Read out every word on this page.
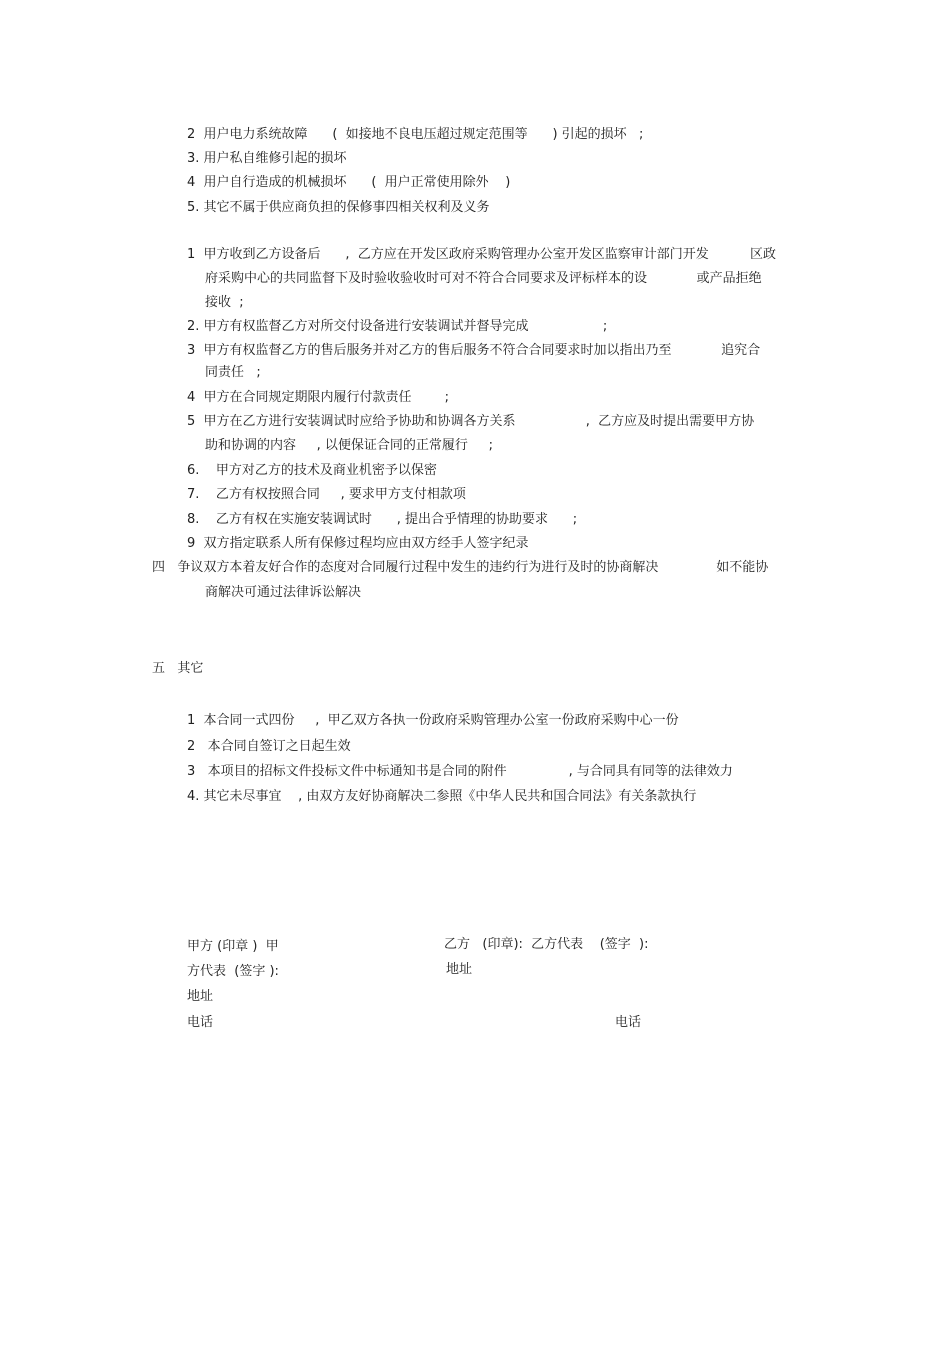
2  用户电力系统故障      (  如接地不良电压超过规定范围等      ) 引起的损坏   ;
3. 用户私自维修引起的损坏
4  用户自行造成的机械损坏      (  用户正常使用除外    )
5. 其它不属于供应商负担的保修事四相关权利及义务
1  甲方收到乙方设备后      ,  乙方应在开发区政府采购管理办公室开发区监察审计部门开发          区政
府采购中心的共同监督下及时验收验收时可对不符合合同要求及评标样本的设            或产品拒绝
接收  ;
2. 甲方有权监督乙方对所交付设备进行安装调试并督导完成                  ;
3  甲方有权监督乙方的售后服务并对乙方的售后服务不符合合同要求时加以指出乃至            追究合
同责任   ;
4  甲方在合同规定期限内履行付款责任        ;
5  甲方在乙方进行安装调试时应给予协助和协调各方关系                 ,  乙方应及时提出需要甲方协
助和协调的内容     , 以便保证合同的正常履行     ;
6.    甲方对乙方的技术及商业机密予以保密
7.    乙方有权按照合同     , 要求甲方支付相款项
8.    乙方有权在实施安装调试时      , 提出合乎情理的协助要求      ;
9  双方指定联系人所有保修过程均应由双方经手人签字纪录
四   争议双方本着友好合作的态度对合同履行过程中发生的违约行为进行及时的协商解决              如不能协
商解决可通过法律诉讼解决
五   其它
1  本合同一式四份     ,  甲乙双方各执一份政府采购管理办公室一份政府采购中心一份
2   本合同自签订之日起生效
3   本项目的招标文件投标文件中标通知书是合同的附件               , 与合同具有同等的法律效力
4. 其它未尽事宜    , 由双方友好协商解决二参照《中华人民共和国合同法》有关条款执行
甲方 (印章 )  甲
方代表  (签字 ):
地址
电话
乙方   (印章):  乙方代表    (签字  ):
地址
电话
